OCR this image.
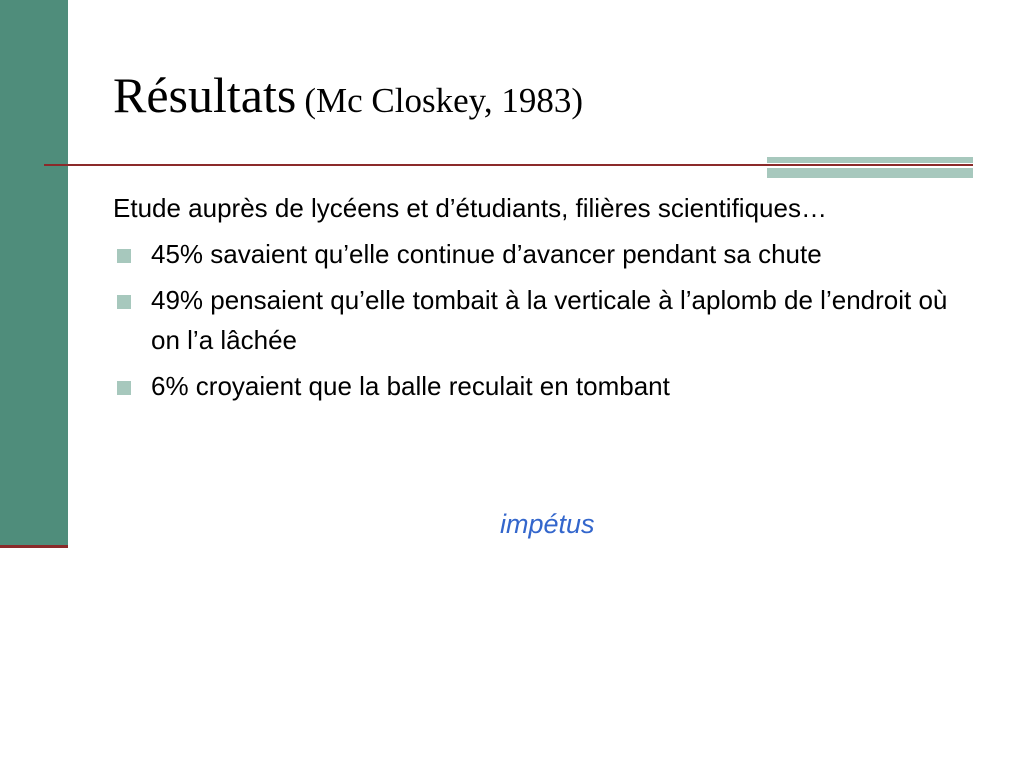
Résultats (Mc Closkey, 1983)

Etude auprès de lycéens et d’étudiants, filières scientifiques…

45% savaient qu’elle continue d’avancer pendant sa chute
49% pensaient qu’elle tombait à la verticale à l’aplomb de l’endroit où on l’a lâchée
6% croyaient que la balle reculait en tombant
impétus
